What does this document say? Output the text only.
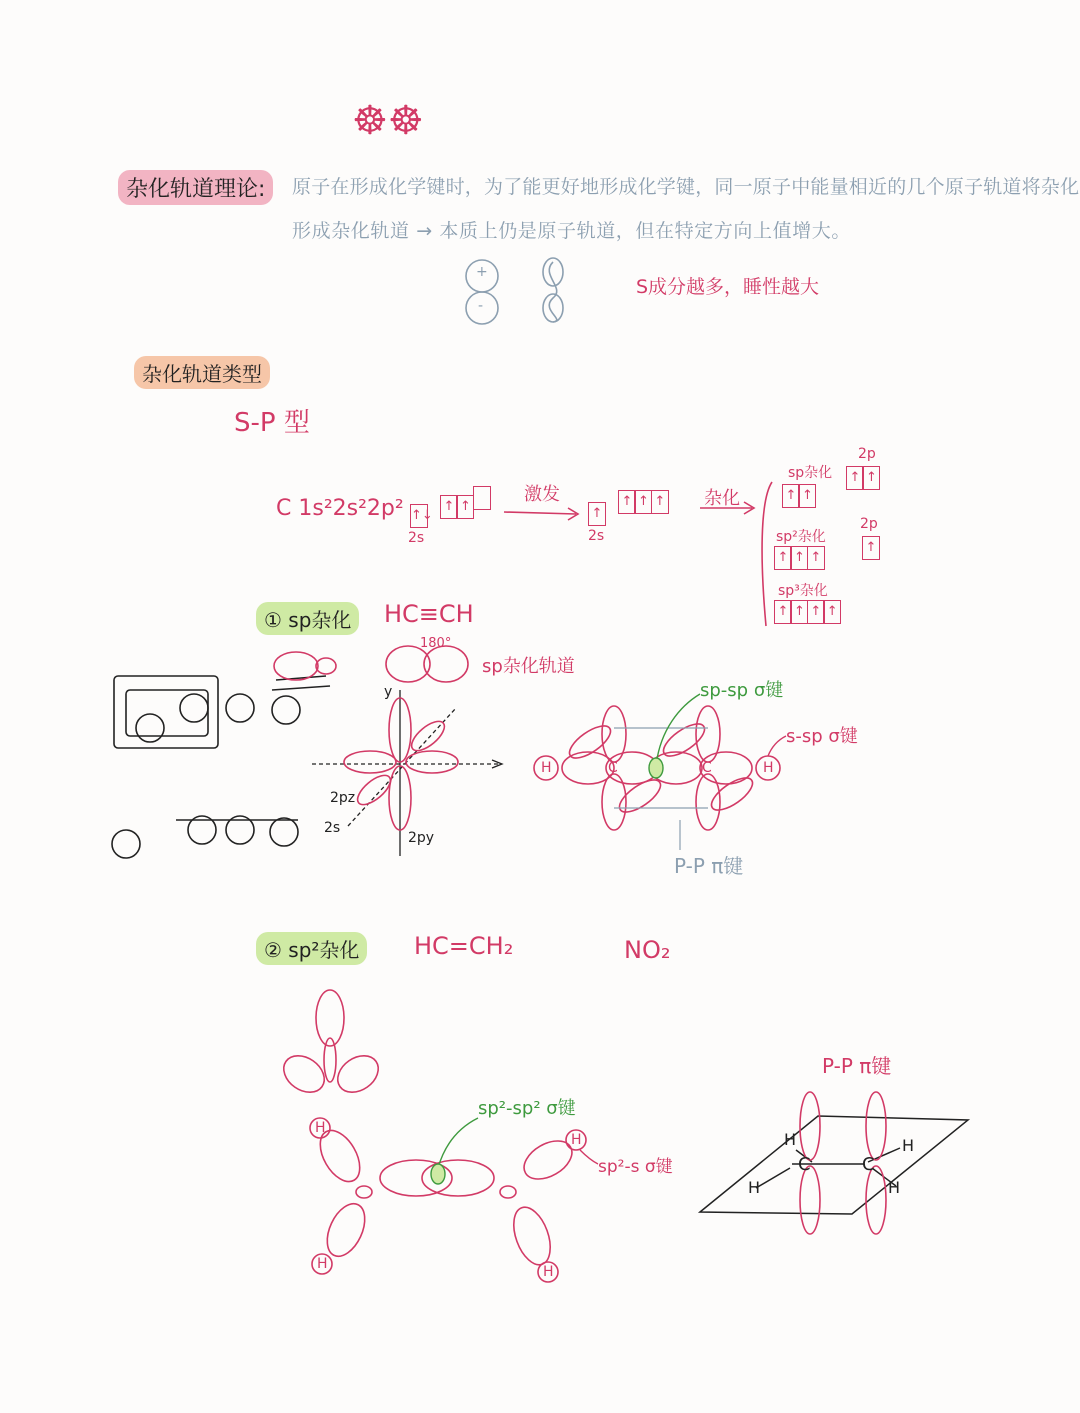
☸☸
杂化轨道理论:	原子在形成化学键时，为了能更好地形成化学键，同一原子中能量相近的几个原子轨道将杂化
形成杂化轨道 → 本质上仍是原子轨道，但在特定方向上值增大。
S成分越多，睡性越大
杂化轨道类型
S-P 型
C 1s²2s²2p² ↑↓
2s
↑ ↑
激发
↑
2s
↑ ↑ ↑ 杂化
sp杂化
↑ ↑
2p
↑ ↑
sp²杂化
↑ ↑ ↑
2p
↑
sp³杂化
↑ ↑ ↑ ↑
① sp杂化	HC≡CH
180°
sp杂化轨道
y
2pz
2s
2py
sp-sp σ键
s-sp σ键
P-P π键
② sp²杂化	HC=CH₂	NO₂
sp²-sp² σ键
sp²-s σ键
P-P π键
+
-
H	H
C	C
H
H
H
H
C	C
H
H
H
H
